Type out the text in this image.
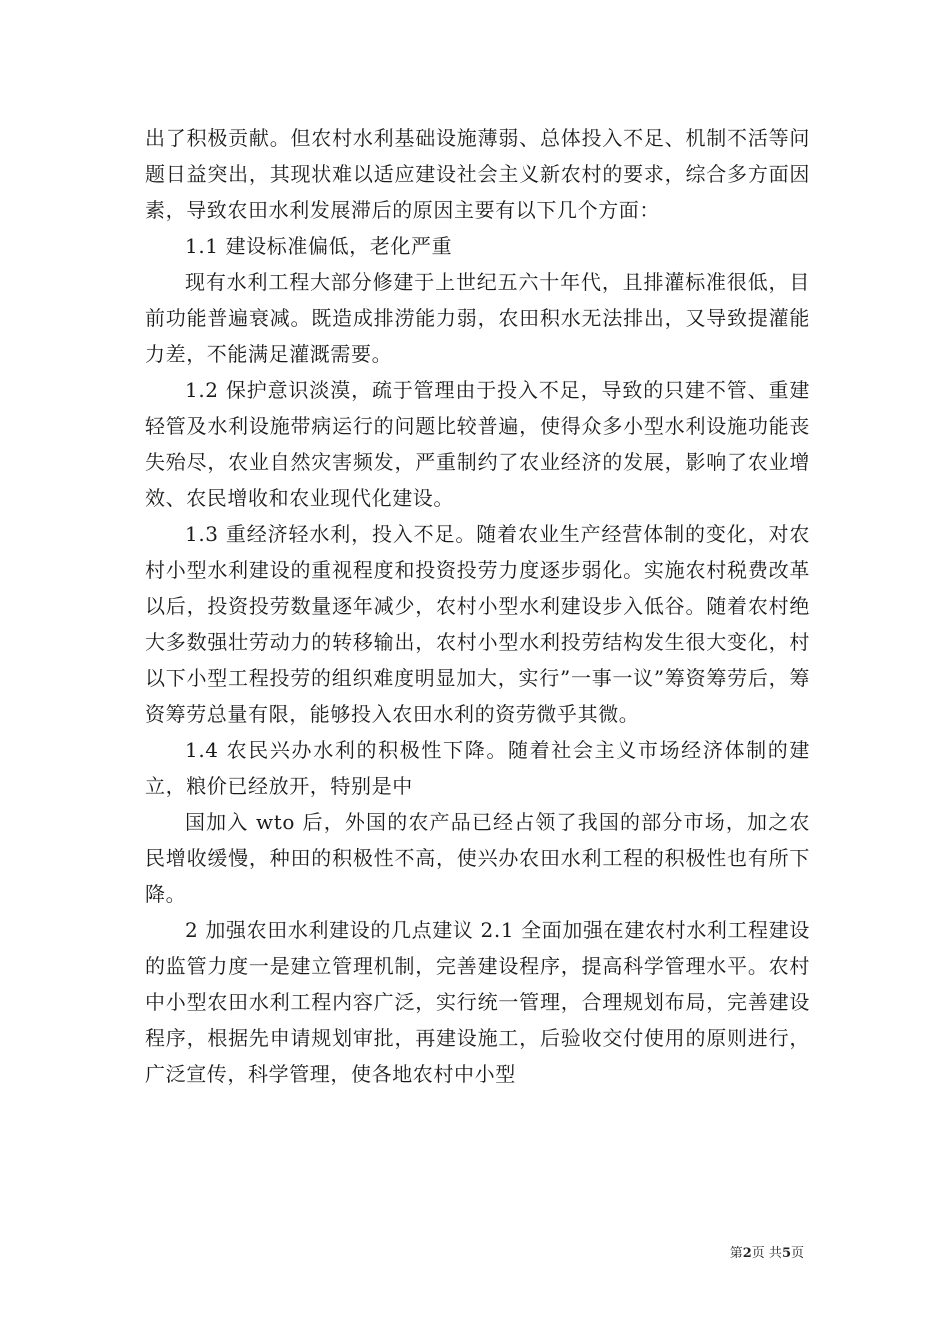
出了积极贡献。但农村水利基础设施薄弱、总体投入不足、机制不活等问题日益突出，其现状难以适应建设社会主义新农村的要求，综合多方面因素，导致农田水利发展滞后的原因主要有以下几个方面：

1.1 建设标准偏低，老化严重

现有水利工程大部分修建于上世纪五六十年代，且排灌标准很低，目前功能普遍衰减。既造成排涝能力弱，农田积水无法排出，又导致提灌能力差，不能满足灌溉需要。

1.2 保护意识淡漠，疏于管理由于投入不足，导致的只建不管、重建轻管及水利设施带病运行的问题比较普遍，使得众多小型水利设施功能丧失殆尽，农业自然灾害频发，严重制约了农业经济的发展，影响了农业增效、农民增收和农业现代化建设。

1.3 重经济轻水利，投入不足。随着农业生产经营体制的变化，对农村小型水利建设的重视程度和投资投劳力度逐步弱化。实施农村税费改革以后，投资投劳数量逐年减少，农村小型水利建设步入低谷。随着农村绝大多数强壮劳动力的转移输出，农村小型水利投劳结构发生很大变化，村以下小型工程投劳的组织难度明显加大，实行”一事一议”筹资筹劳后，筹资筹劳总量有限，能够投入农田水利的资劳微乎其微。

1.4 农民兴办水利的积极性下降。随着社会主义市场经济体制的建立，粮价已经放开，特别是中

国加入 wto 后，外国的农产品已经占领了我国的部分市场，加之农民增收缓慢，种田的积极性不高，使兴办农田水利工程的积极性也有所下降。

2 加强农田水利建设的几点建议 2.1 全面加强在建农村水利工程建设的监管力度一是建立管理机制，完善建设程序，提高科学管理水平。农村中小型农田水利工程内容广泛，实行统一管理，合理规划布局，完善建设程序，根据先申请规划审批，再建设施工，后验收交付使用的原则进行，广泛宣传，科学管理，使各地农村中小型

第2页 共5页
